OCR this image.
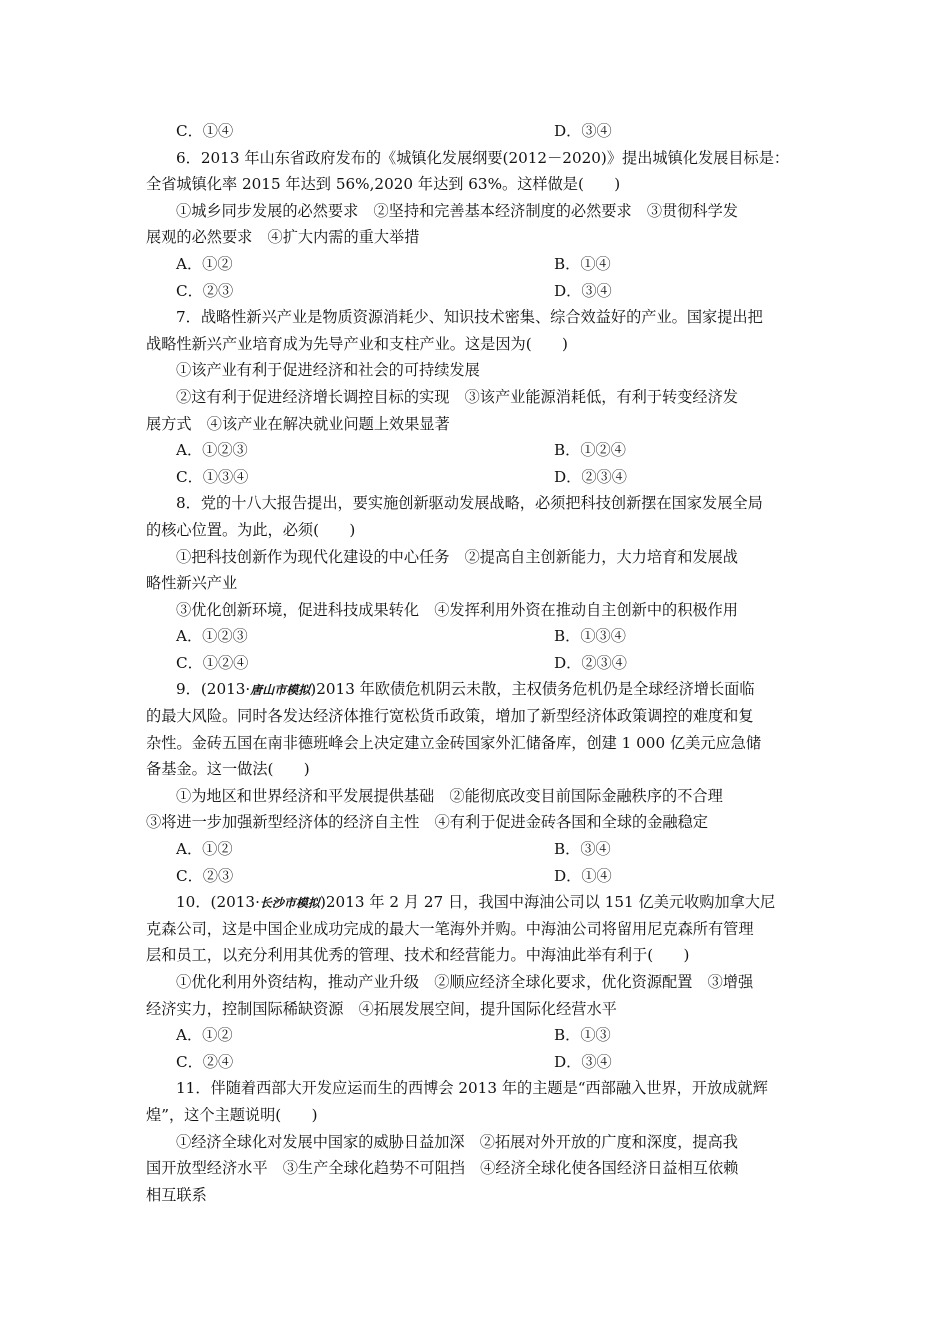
C．①④	D．③④
6．2013 年山东省政府发布的《城镇化发展纲要(2012－2020)》提出城镇化发展目标是：
全省城镇化率 2015 年达到 56%,2020 年达到 63%。这样做是(　　)
①城乡同步发展的必然要求　②坚持和完善基本经济制度的必然要求　③贯彻科学发
展观的必然要求　④扩大内需的重大举措
A．①②	B．①④
C．②③	D．③④
7．战略性新兴产业是物质资源消耗少、知识技术密集、综合效益好的产业。国家提出把
战略性新兴产业培育成为先导产业和支柱产业。这是因为(　　)
①该产业有利于促进经济和社会的可持续发展
②这有利于促进经济增长调控目标的实现　③该产业能源消耗低，有利于转变经济发
展方式　④该产业在解决就业问题上效果显著
A．①②③	B．①②④
C．①③④	D．②③④
8．党的十八大报告提出，要实施创新驱动发展战略，必须把科技创新摆在国家发展全局
的核心位置。为此，必须(　　)
①把科技创新作为现代化建设的中心任务　②提高自主创新能力，大力培育和发展战
略性新兴产业
③优化创新环境，促进科技成果转化　④发挥利用外资在推动自主创新中的积极作用
A．①②③	B．①③④
C．①②④	D．②③④
9．(2013·唐山市模拟)2013 年欧债危机阴云未散，主权债务危机仍是全球经济增长面临
的最大风险。同时各发达经济体推行宽松货币政策，增加了新型经济体政策调控的难度和复
杂性。金砖五国在南非德班峰会上决定建立金砖国家外汇储备库，创建 1 000 亿美元应急储
备基金。这一做法(　　)
①为地区和世界经济和平发展提供基础　②能彻底改变目前国际金融秩序的不合理
③将进一步加强新型经济体的经济自主性　④有利于促进金砖各国和全球的金融稳定
A．①②	B．③④
C．②③	D．①④
10．(2013·长沙市模拟)2013 年 2 月 27 日，我国中海油公司以 151 亿美元收购加拿大尼
克森公司，这是中国企业成功完成的最大一笔海外并购。中海油公司将留用尼克森所有管理
层和员工，以充分利用其优秀的管理、技术和经营能力。中海油此举有利于(　　)
①优化利用外资结构，推动产业升级　②顺应经济全球化要求，优化资源配置　③增强
经济实力，控制国际稀缺资源　④拓展发展空间，提升国际化经营水平
A．①②	B．①③
C．②④	D．③④
11．伴随着西部大开发应运而生的西博会 2013 年的主题是“西部融入世界，开放成就辉
煌”，这个主题说明(　　)
①经济全球化对发展中国家的威胁日益加深　②拓展对外开放的广度和深度，提高我
国开放型经济水平　③生产全球化趋势不可阻挡　④经济全球化使各国经济日益相互依赖
相互联系
